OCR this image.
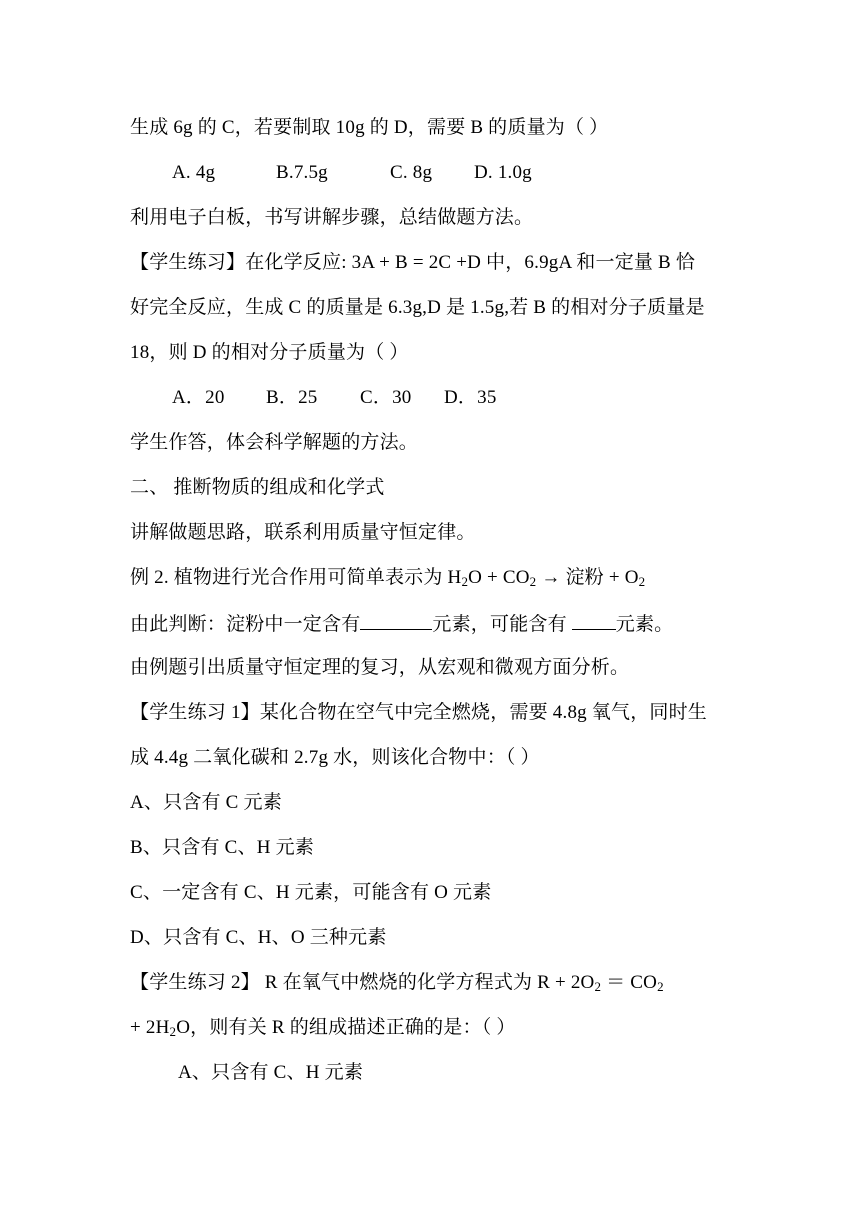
生成 6g 的 C，若要制取 10g 的 D，需要 B 的质量为（ ）
A. 4g	B.7.5g	C. 8g D. 1.0g
利用电子白板，书写讲解步骤，总结做题方法。
【学生练习】在化学反应: 3A + B = 2C +D 中，6.9gA 和一定量 B 恰
好完全反应，生成 C 的质量是 6.3g,D 是 1.5g,若 B 的相对分子质量是
18，则 D 的相对分子质量为（ ）
A．20 B．25 C．30 D．35
学生作答，体会科学解题的方法。
二、 推断物质的组成和化学式
讲解做题思路，联系利用质量守恒定律。
例 2. 植物进行光合作用可简单表示为 $H_2O + CO_2$ → 淀粉 + $O_2$
由此判断：淀粉中一定含有	元素，可能含有 元素。
由例题引出质量守恒定理的复习，从宏观和微观方面分析。
【学生练习 1】某化合物在空气中完全燃烧，需要 4.8g 氧气，同时生
成 4.4g 二氧化碳和 2.7g 水，则该化合物中：（ ）
A、只含有 C 元素
B、只含有 C、H 元素
C、一定含有 C、H 元素，可能含有 O 元素
D、只含有 C、H、O 三种元素
【学生练习 2】 R 在氧气中燃烧的化学方程式为 $R + 2O_2 = CO_2$
+ $2H_2O$，则有关 R 的组成描述正确的是：（ ）
A、只含有 C、H 元素
